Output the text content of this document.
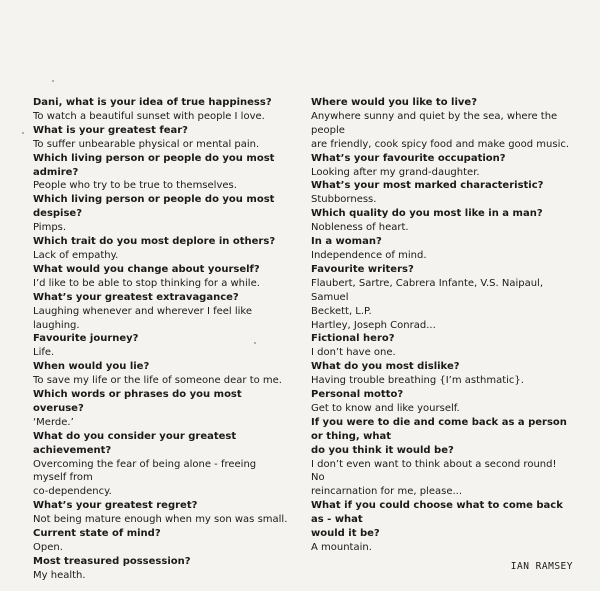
Dani, what is your idea of true happiness?

To watch a beautiful sunset with people I love.

What is your greatest fear?

To suffer unbearable physical or mental pain.

Which living person or people do you most admire?

People who try to be true to themselves.

Which living person or people do you most despise?

Pimps.

Which trait do you most deplore in others?

Lack of empathy.

What would you change about yourself?

I’d like to be able to stop thinking for a while.

What’s your greatest extravagance?

Laughing whenever and wherever I feel like laughing.

Favourite journey?

Life.

When would you lie?

To save my life or the life of someone dear to me.

Which words or phrases do you most overuse?

‘Merde.’

What do you consider your greatest achievement?

Overcoming the fear of being alone - freeing myself from

co-dependency.

What’s your greatest regret?

Not being mature enough when my son was small.

Current state of mind?

Open.

Most treasured possession?

My health.

Where would you like to live?

Anywhere sunny and quiet by the sea, where the people

are friendly, cook spicy food and make good music.

What’s your favourite occupation?

Looking after my grand-daughter.

What’s your most marked characteristic?

Stubborness.

Which quality do you most like in a man?

Nobleness of heart.

In a woman?

Independence of mind.

Favourite writers?

Flaubert, Sartre, Cabrera Infante, V.S. Naipaul, Samuel

Beckett, L.P.

Hartley, Joseph Conrad...

Fictional hero?

I don’t have one.

What do you most dislike?

Having trouble breathing {I’m asthmatic}.

Personal motto?

Get to know and like yourself.

If you were to die and come back as a person or thing, what

do you think it would be?

I don’t even want to think about a second round! No

reincarnation for me, please...

What if you could choose what to come back as - what

would it be?

A mountain.

IAN RAMSEY
